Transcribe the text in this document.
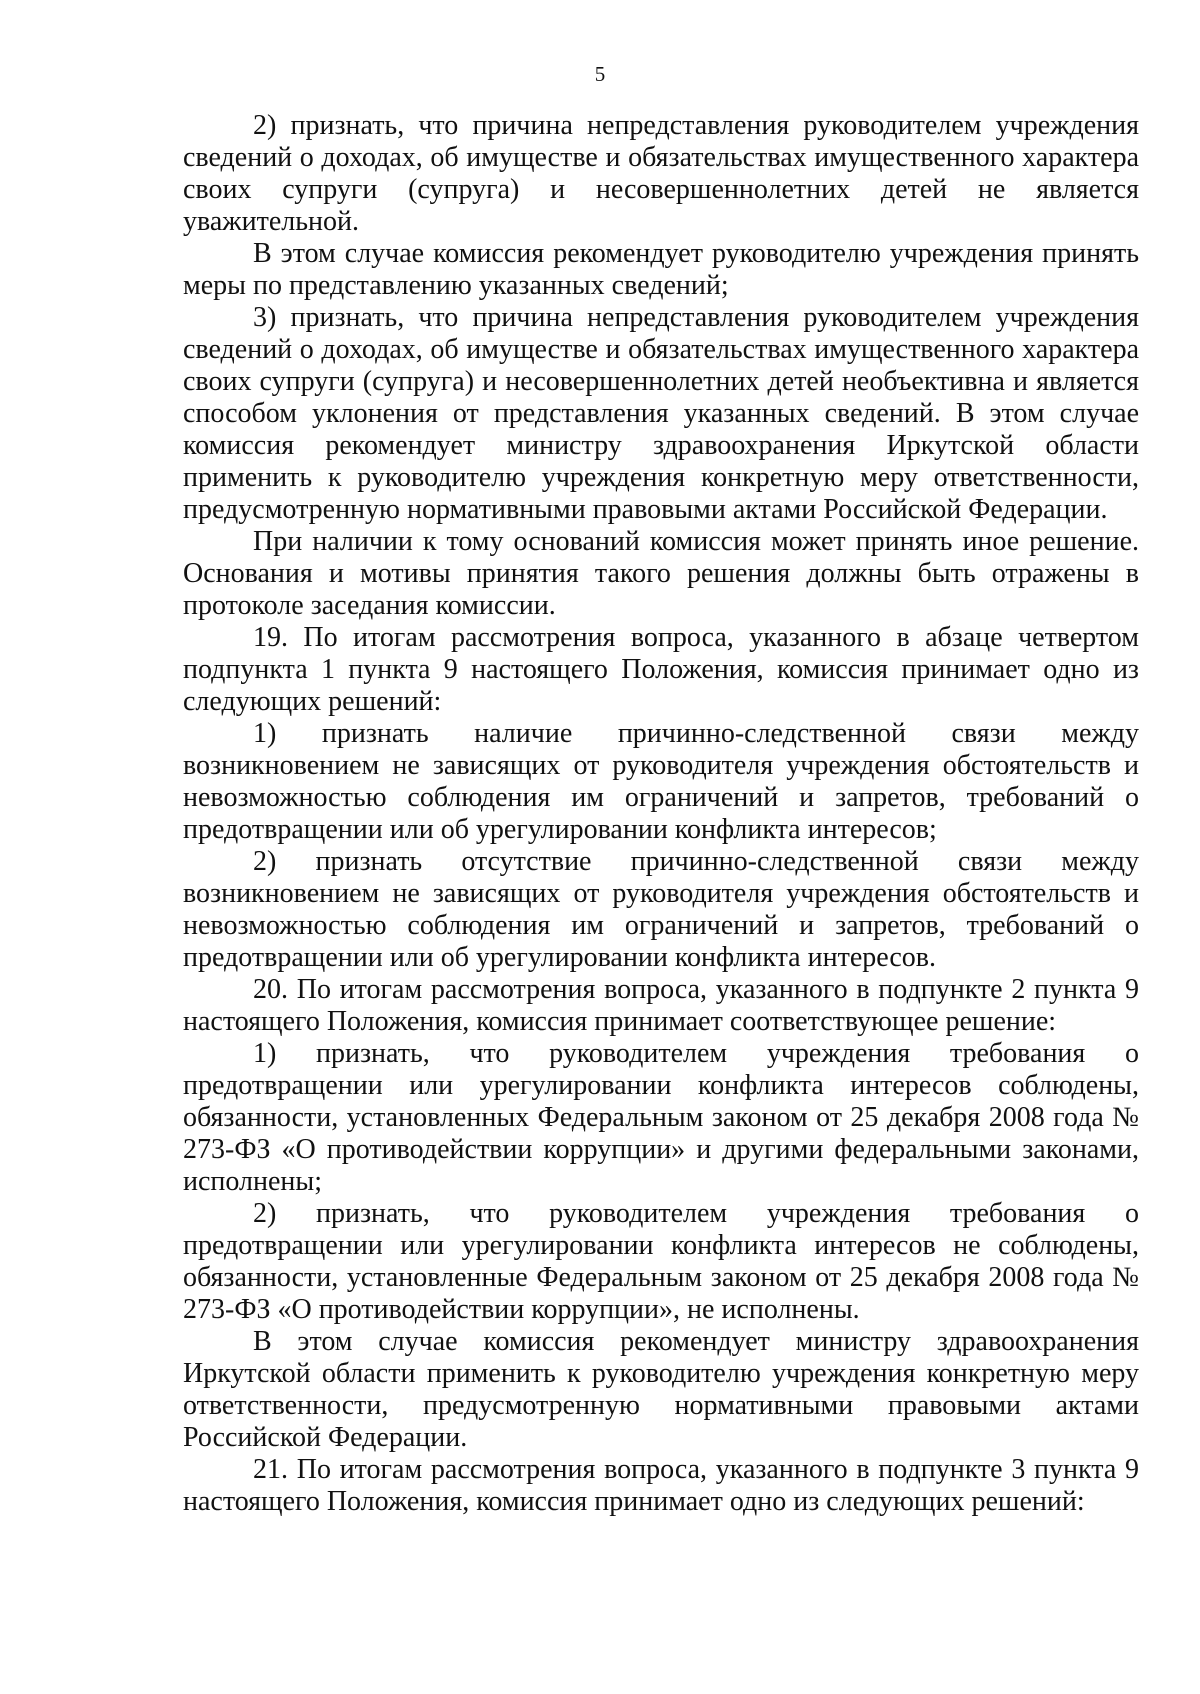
5

2) признать, что причина непредставления руководителем учреждения сведений о доходах, об имуществе и обязательствах имущественного характера своих супруги (супруга) и несовершеннолетних детей не является уважительной.

В этом случае комиссия рекомендует руководителю учреждения принять меры по представлению указанных сведений;

3) признать, что причина непредставления руководителем учреждения сведений о доходах, об имуществе и обязательствах имущественного характера своих супруги (супруга) и несовершеннолетних детей необъективна и является способом уклонения от представления указанных сведений. В этом случае комиссия рекомендует министру здравоохранения Иркутской области применить к руководителю учреждения конкретную меру ответственности, предусмотренную нормативными правовыми актами Российской Федерации.

При наличии к тому оснований комиссия может принять иное решение. Основания и мотивы принятия такого решения должны быть отражены в протоколе заседания комиссии.

19. По итогам рассмотрения вопроса, указанного в абзаце четвертом подпункта 1 пункта 9 настоящего Положения, комиссия принимает одно из следующих решений:

1) признать наличие причинно-следственной связи между возникновением не зависящих от руководителя учреждения обстоятельств и невозможностью соблюдения им ограничений и запретов, требований о предотвращении или об урегулировании конфликта интересов;

2) признать отсутствие причинно-следственной связи между возникновением не зависящих от руководителя учреждения обстоятельств и невозможностью соблюдения им ограничений и запретов, требований о предотвращении или об урегулировании конфликта интересов.

20. По итогам рассмотрения вопроса, указанного в подпункте 2 пункта 9 настоящего Положения, комиссия принимает соответствующее решение:

1) признать, что руководителем учреждения требования о предотвращении или урегулировании конфликта интересов соблюдены, обязанности, установленных Федеральным законом от 25 декабря 2008 года № 273-ФЗ «О противодействии коррупции» и другими федеральными законами, исполнены;

2) признать, что руководителем учреждения требования о предотвращении или урегулировании конфликта интересов не соблюдены, обязанности, установленные Федеральным законом от 25 декабря 2008 года № 273-ФЗ «О противодействии коррупции», не исполнены.

В этом случае комиссия рекомендует министру здравоохранения Иркутской области применить к руководителю учреждения конкретную меру ответственности, предусмотренную нормативными правовыми актами Российской Федерации.

21. По итогам рассмотрения вопроса, указанного в подпункте 3 пункта 9 настоящего Положения, комиссия принимает одно из следующих решений:
